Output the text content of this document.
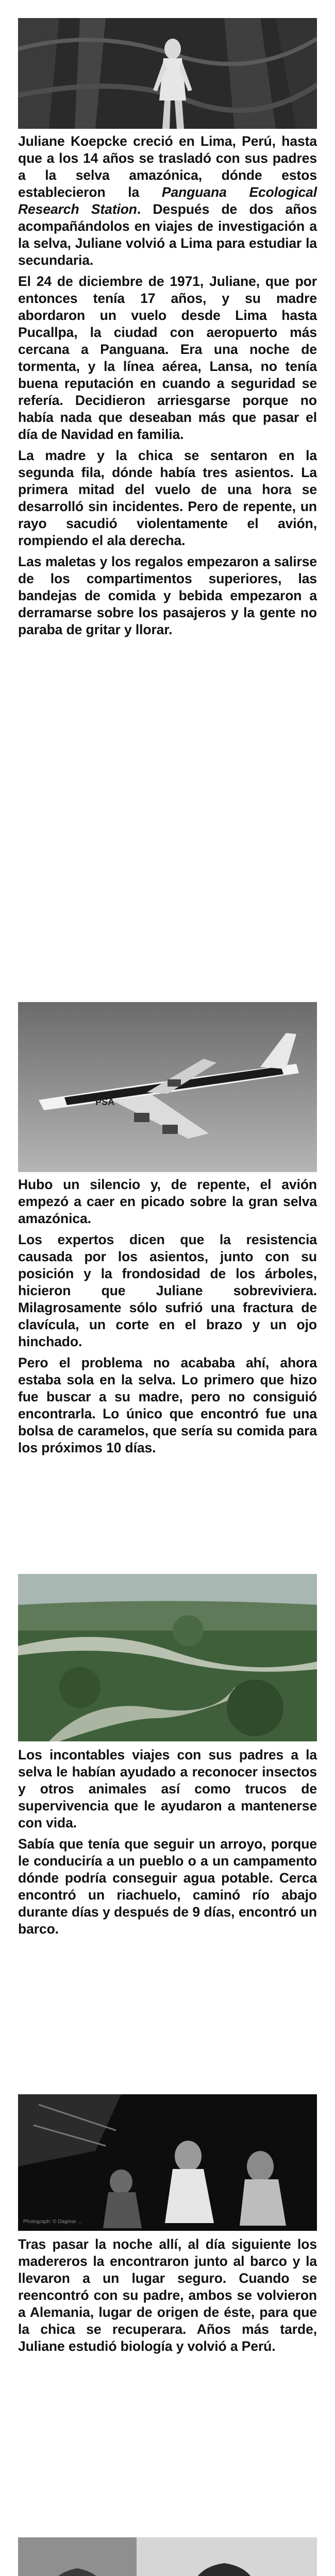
Juliane Koepcke creció en Lima, Perú, hasta que a los 14 años se trasladó con sus padres a la selva amazónica, dónde estos establecieron la Panguana Ecological Research Station. Después de dos años acompañándolos en viajes de investigación a la selva, Juliane volvió a Lima para estudiar la secundaria.

El 24 de diciembre de 1971, Juliane, que por entonces tenía 17 años, y su madre abordaron un vuelo desde Lima hasta Pucallpa, la ciudad con aeropuerto más cercana a Panguana. Era una noche de tormenta, y la línea aérea, Lansa, no tenía buena reputación en cuando a seguridad se refería. Decidieron arriesgarse porque no había nada que deseaban más que pasar el día de Navidad en familia.

La madre y la chica se sentaron en la segunda fila, dónde había tres asientos. La primera mitad del vuelo de una hora se desarrolló sin incidentes. Pero de repente, un rayo sacudió violentamente el avión, rompiendo el ala derecha.

Las maletas y los regalos empezaron a salirse de los compartimentos superiores, las bandejas de comida y bebida empezaron a derramarse sobre los pasajeros y la gente no paraba de gritar y llorar.

PSA

Hubo un silencio y, de repente, el avión empezó a caer en picado sobre la gran selva amazónica.

Los expertos dicen que la resistencia causada por los asientos, junto con su posición y la frondosidad de los árboles, hicieron que Juliane sobreviviera. Milagrosamente sólo sufrió una fractura de clavícula, un corte en el brazo y un ojo hinchado.

Pero el problema no acababa ahí, ahora estaba sola en la selva. Lo primero que hizo fue buscar a su madre, pero no consiguió encontrarla. Lo único que encontró fue una bolsa de caramelos, que sería su comida para los próximos 10 días.

Los incontables viajes con sus padres a la selva le habían ayudado a reconocer insectos y otros animales así como trucos de supervivencia que le ayudaron a mantenerse con vida.

Sabía que tenía que seguir un arroyo, porque le conduciría a un pueblo o a un campamento dónde podría conseguir agua potable. Cerca encontró un riachuelo, caminó río abajo durante días y después de 9 días, encontró un barco.

Photograph: © Dagmar ...

Tras pasar la noche allí, al día siguiente los madereros la encontraron junto al barco y la llevaron a un lugar seguro. Cuando se reencontró con su padre, ambos se volvieron a Alemania, lugar de origen de éste, para que la chica se recuperara. Años más tarde, Juliane estudió biología y volvió a Perú.
